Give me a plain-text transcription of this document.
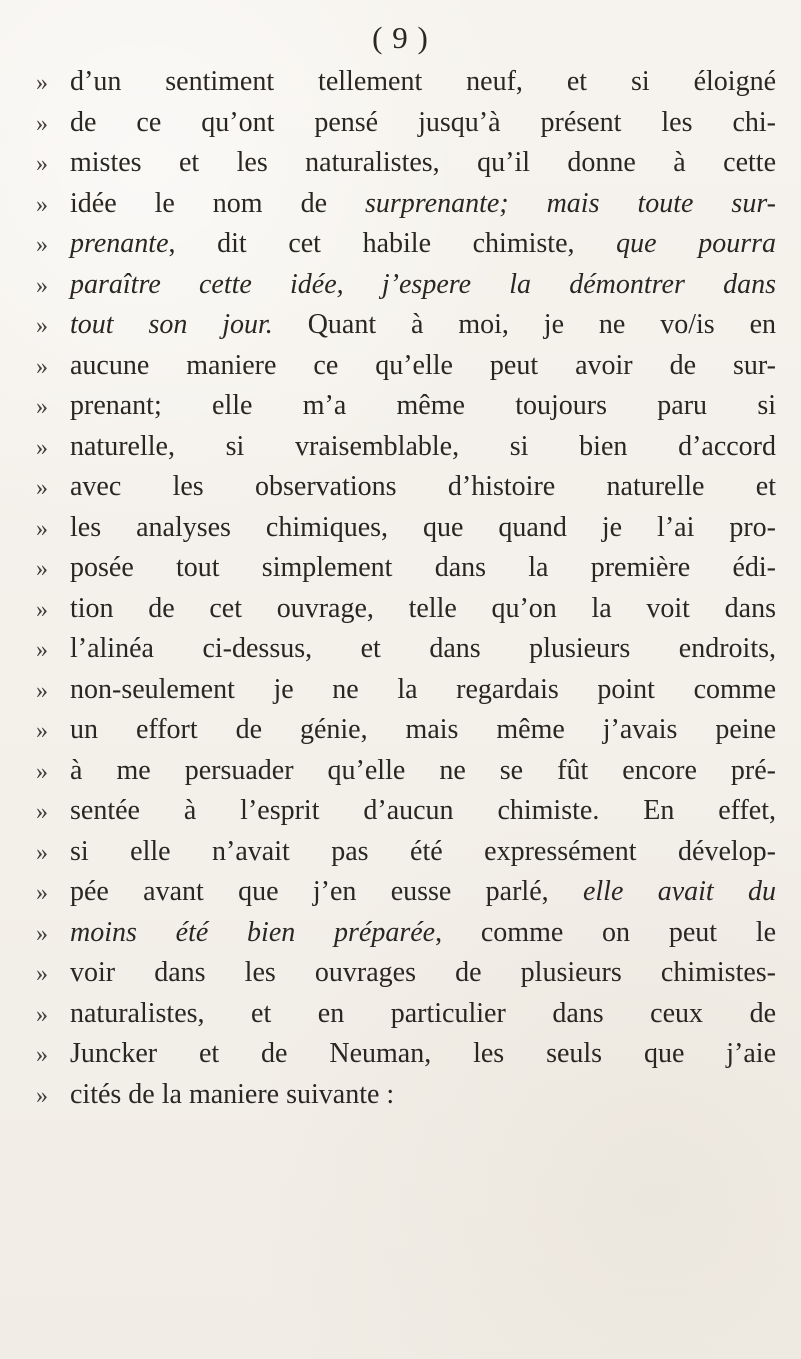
( 9 )
» d’un sentiment tellement neuf, et si éloigné
» de ce qu’ont pensé jusqu’à présent les chi-
» mistes et les naturalistes, qu’il donne à cette
» idée le nom de surprenante; mais toute sur-
» prenante, dit cet habile chimiste, que pourra
» paraître cette idée, j’espere la démontrer dans
» tout son jour. Quant à moi, je ne vo/is en
» aucune maniere ce qu’elle peut avoir de sur-
» prenant; elle m’a même toujours paru si
» naturelle, si vraisemblable, si bien d’accord
» avec les observations d’histoire naturelle et
» les analyses chimiques, que quand je l’ai pro-
» posée tout simplement dans la première édi-
» tion de cet ouvrage, telle qu’on la voit dans
» l’alinéa ci-dessus, et dans plusieurs endroits,
» non-seulement je ne la regardais point comme
» un effort de génie, mais même j’avais peine
» à me persuader qu’elle ne se fût encore pré-
» sentée à l’esprit d’aucun chimiste. En effet,
» si elle n’avait pas été expressément dévelop-
» pée avant que j’en eusse parlé, elle avait du
» moins été bien préparée, comme on peut le
» voir dans les ouvrages de plusieurs chimistes-
» naturalistes, et en particulier dans ceux de
» Juncker et de Neuman, les seuls que j’aie
» cités de la maniere suivante :
